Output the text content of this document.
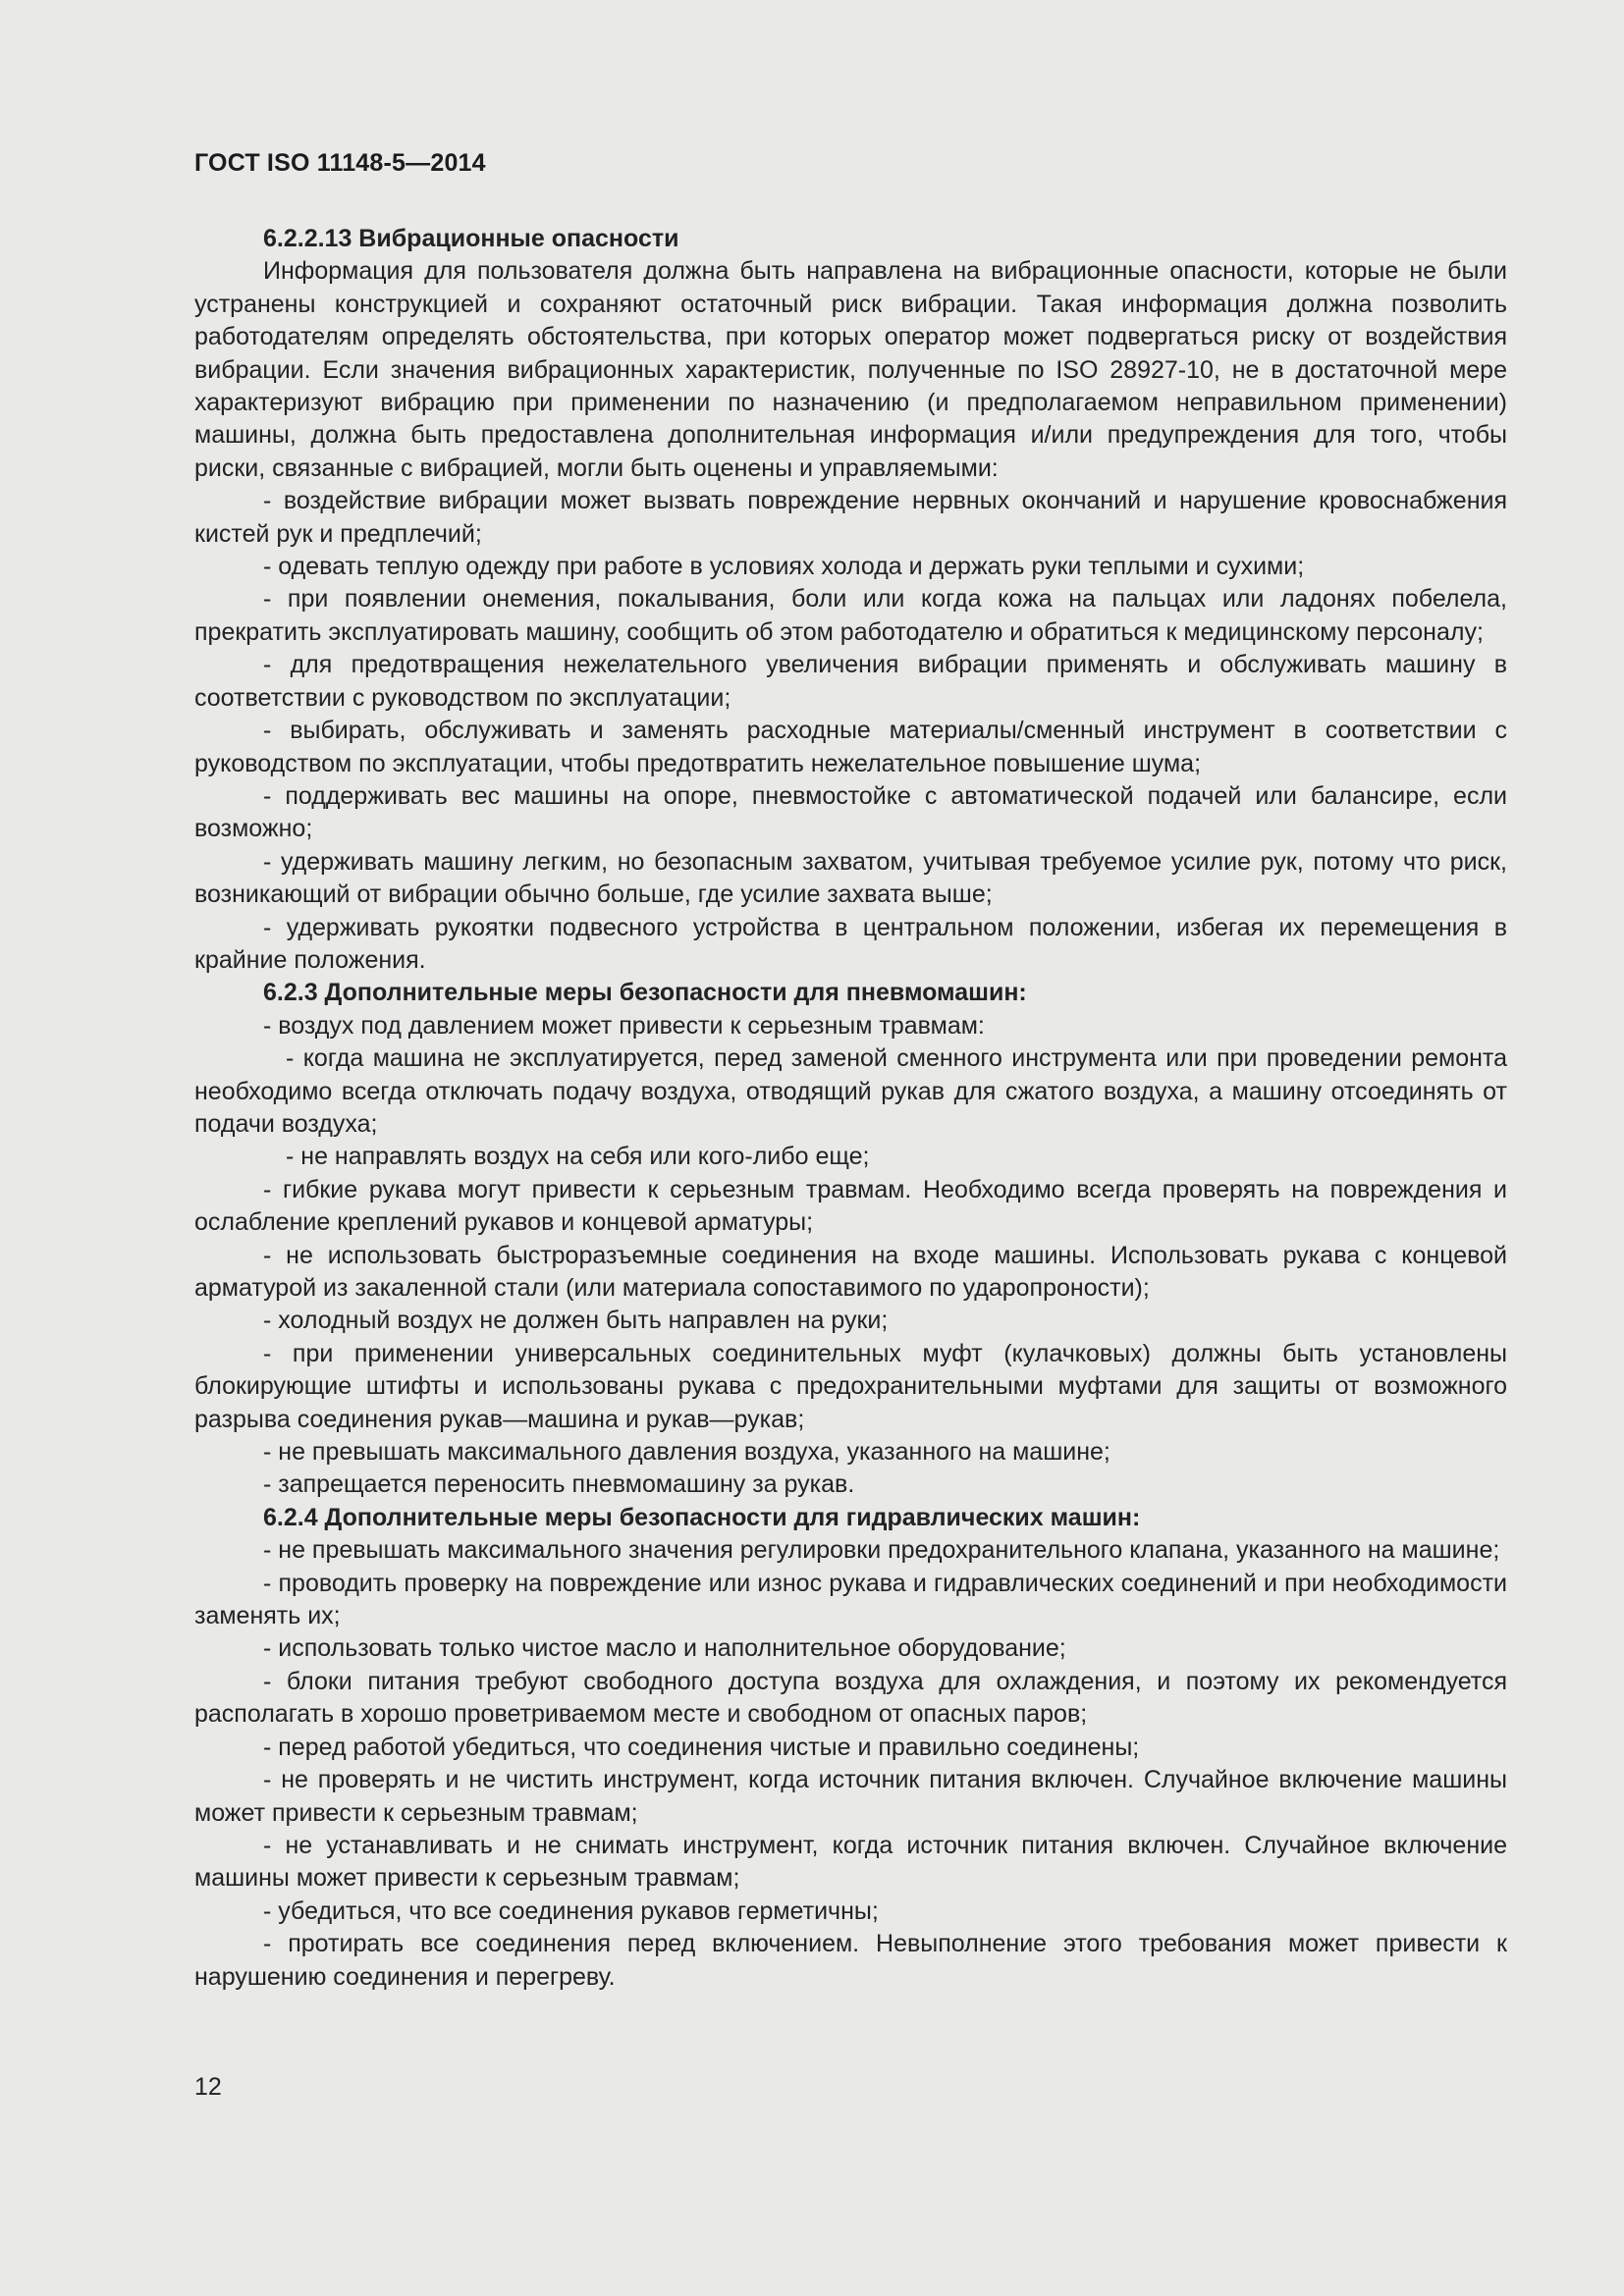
ГОСТ ISO 11148-5—2014

6.2.2.13 Вибрационные опасности

Информация для пользователя должна быть направлена на вибрационные опасности, которые не были устранены конструкцией и сохраняют остаточный риск вибрации. Такая информация должна позволить работодателям определять обстоятельства, при которых оператор может подвергаться риску от воздействия вибрации. Если значения вибрационных характеристик, полученные по ISO 28927-10, не в достаточной мере характеризуют вибрацию при применении по назначению (и предполагаемом неправильном применении) машины, должна быть предоставлена дополнительная информация и/или предупреждения для того, чтобы риски, связанные с вибрацией, могли быть оценены и управляемыми:

- воздействие вибрации может вызвать повреждение нервных окончаний и нарушение кровоснабжения кистей рук и предплечий;

- одевать теплую одежду при работе в условиях холода и держать руки теплыми и сухими;

- при появлении онемения, покалывания, боли или когда кожа на пальцах или ладонях побелела, прекратить эксплуатировать машину, сообщить об этом работодателю и обратиться к медицинскому персоналу;

- для предотвращения нежелательного увеличения вибрации применять и обслуживать машину в соответствии с руководством по эксплуатации;

- выбирать, обслуживать и заменять расходные материалы/сменный инструмент в соответствии с руководством по эксплуатации, чтобы предотвратить нежелательное повышение шума;

- поддерживать вес машины на опоре, пневмостойке с автоматической подачей или балансире, если возможно;

- удерживать машину легким, но безопасным захватом, учитывая требуемое усилие рук, потому что риск, возникающий от вибрации обычно больше, где усилие захвата выше;

- удерживать рукоятки подвесного устройства в центральном положении, избегая их перемещения в крайние положения.

6.2.3 Дополнительные меры безопасности для пневмомашин:

- воздух под давлением может привести к серьезным травмам:

- когда машина не эксплуатируется, перед заменой сменного инструмента или при проведении ремонта необходимо всегда отключать подачу воздуха, отводящий рукав для сжатого воздуха, а машину отсоединять от подачи воздуха;

- не направлять воздух на себя или кого-либо еще;

- гибкие рукава могут привести к серьезным травмам. Необходимо всегда проверять на повреждения и ослабление креплений рукавов и концевой арматуры;

- не использовать быстроразъемные соединения на входе машины. Использовать рукава с концевой арматурой из закаленной стали (или материала сопоставимого по ударопроности);

- холодный воздух не должен быть направлен на руки;

- при применении универсальных соединительных муфт (кулачковых) должны быть установлены блокирующие штифты и использованы рукава с предохранительными муфтами для защиты от возможного разрыва соединения рукав—машина и рукав—рукав;

- не превышать максимального давления воздуха, указанного на машине;

- запрещается переносить пневмомашину за рукав.

6.2.4 Дополнительные меры безопасности для гидравлических машин:

- не превышать максимального значения регулировки предохранительного клапана, указанного на машине;

- проводить проверку на повреждение или износ рукава и гидравлических соединений и при необходимости заменять их;

- использовать только чистое масло и наполнительное оборудование;

- блоки питания требуют свободного доступа воздуха для охлаждения, и поэтому их рекомендуется располагать в хорошо проветриваемом месте и свободном от опасных паров;

- перед работой убедиться, что соединения чистые и правильно соединены;

- не проверять и не чистить инструмент, когда источник питания включен. Случайное включение машины может привести к серьезным травмам;

- не устанавливать и не снимать инструмент, когда источник питания включен. Случайное включение машины может привести к серьезным травмам;

- убедиться, что все соединения рукавов герметичны;

- протирать все соединения перед включением. Невыполнение этого требования может привести к нарушению соединения и перегреву.

12
